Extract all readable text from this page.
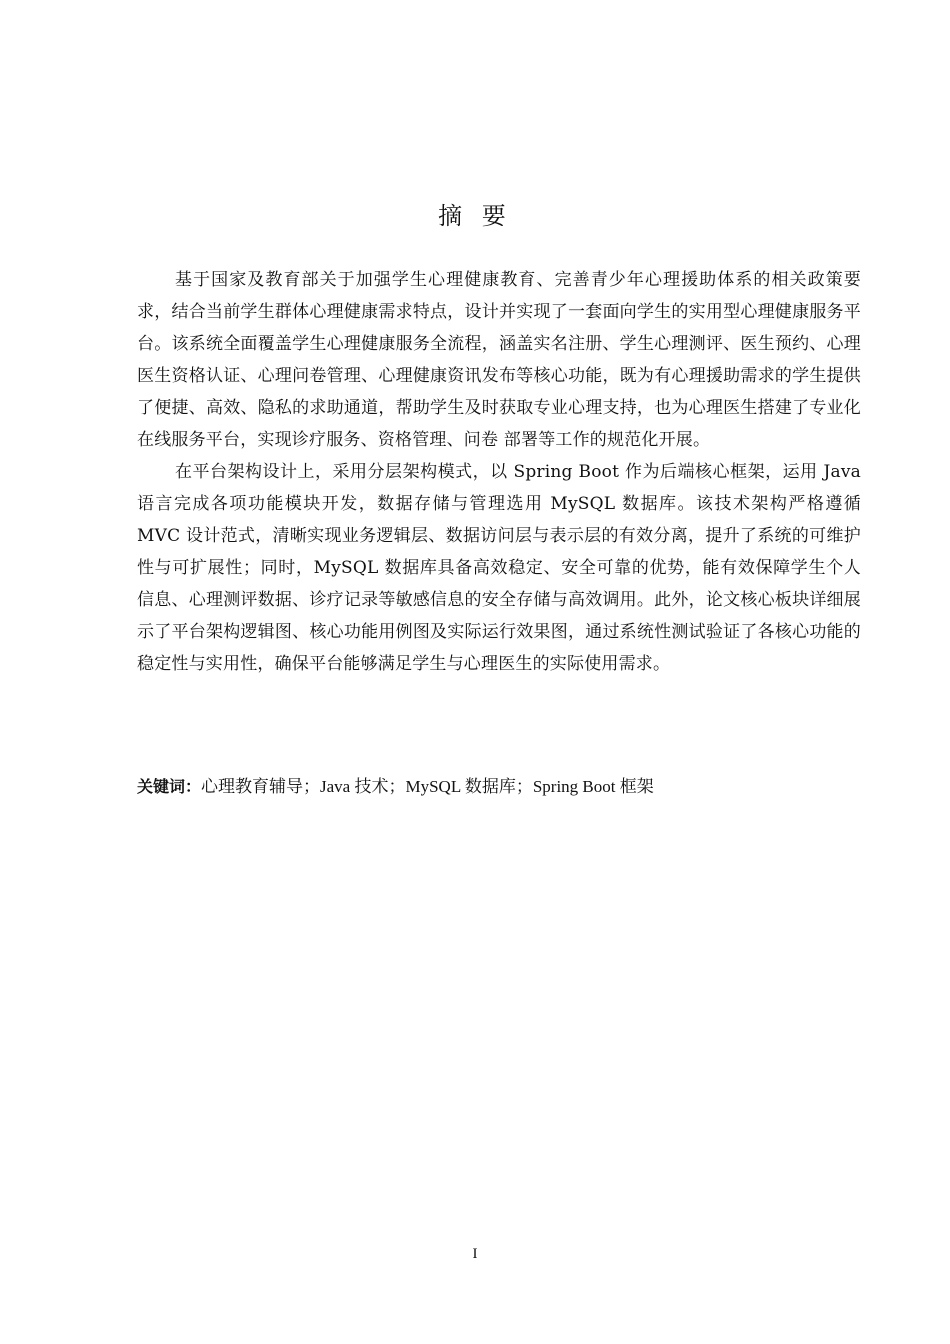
摘 要

基于国家及教育部关于加强学生心理健康教育、完善青少年心理援助体系的相关政策要求，结合当前学生群体心理健康需求特点，设计并实现了一套面向学生的实用型心理健康服务平台。该系统全面覆盖学生心理健康服务全流程，涵盖实名注册、学生心理测评、医生预约、心理医生资格认证、心理问卷管理、心理健康资讯发布等核心功能，既为有心理援助需求的学生提供了便捷、高效、隐私的求助通道，帮助学生及时获取专业心理支持，也为心理医生搭建了专业化在线服务平台，实现诊疗服务、资格管理、问卷 部署等工作的规范化开展。

在平台架构设计上，采用分层架构模式，以 Spring Boot 作为后端核心框架，运用 Java 语言完成各项功能模块开发，数据存储与管理选用 MySQL 数据库。该技术架构严格遵循 MVC 设计范式，清晰实现业务逻辑层、数据访问层与表示层的有效分离，提升了系统的可维护性与可扩展性；同时，MySQL 数据库具备高效稳定、安全可靠的优势，能有效保障学生个人信息、心理测评数据、诊疗记录等敏感信息的安全存储与高效调用。此外，论文核心板块详细展示了平台架构逻辑图、核心功能用例图及实际运行效果图，通过系统性测试验证了各核心功能的稳定性与实用性，确保平台能够满足学生与心理医生的实际使用需求。

关键词：心理教育辅导；Java 技术；MySQL 数据库；Spring Boot 框架

I
